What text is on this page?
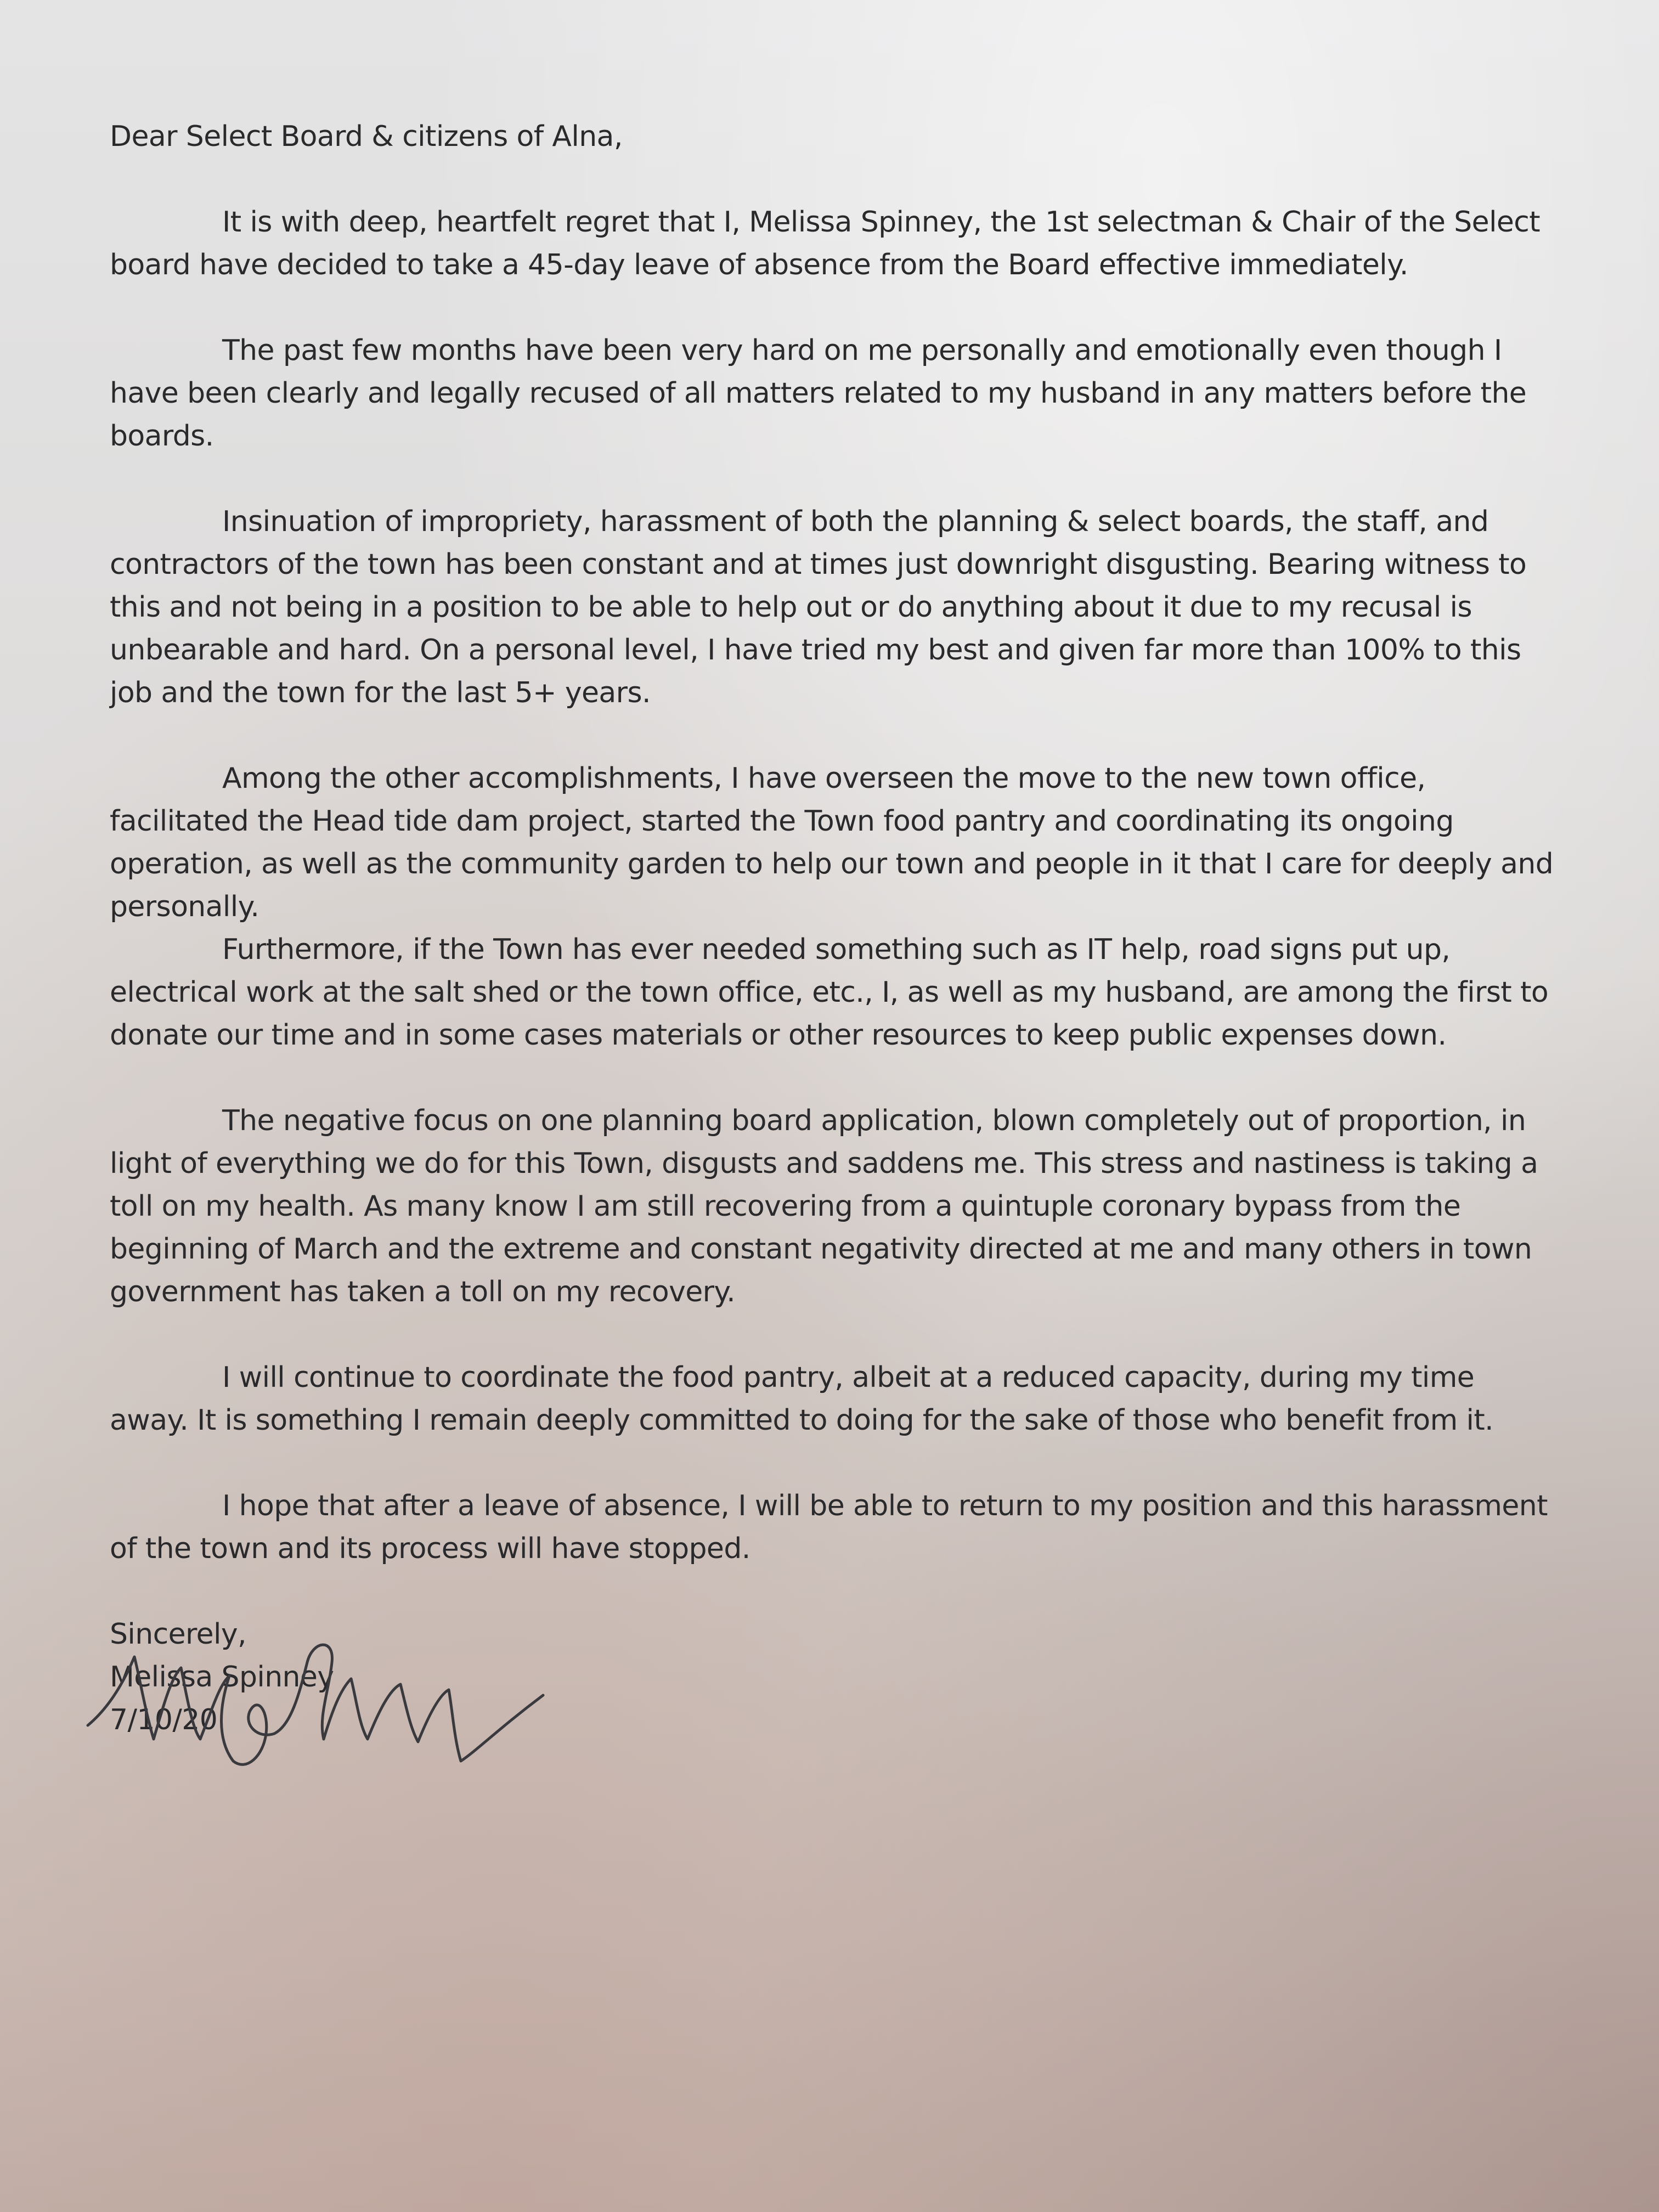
Dear Select Board & citizens of Alna,

It is with deep, heartfelt regret that I, Melissa Spinney, the 1st selectman & Chair of the Select board have decided to take a 45-day leave of absence from the Board effective immediately.

The past few months have been very hard on me personally and emotionally even though I have been clearly and legally recused of all matters related to my husband in any matters before the boards.

Insinuation of impropriety, harassment of both the planning & select boards, the staff, and contractors of the town has been constant and at times just downright disgusting. Bearing witness to this and not being in a position to be able to help out or do anything about it due to my recusal is unbearable and hard. On a personal level, I have tried my best and given far more than 100% to this job and the town for the last 5+ years.

Among the other accomplishments, I have overseen the move to the new town office, facilitated the Head tide dam project, started the Town food pantry and coordinating its ongoing operation, as well as the community garden to help our town and people in it that I care for deeply and personally.

Furthermore, if the Town has ever needed something such as IT help, road signs put up, electrical work at the salt shed or the town office, etc., I, as well as my husband, are among the first to donate our time and in some cases materials or other resources to keep public expenses down.

The negative focus on one planning board application, blown completely out of proportion, in light of everything we do for this Town, disgusts and saddens me. This stress and nastiness is taking a toll on my health. As many know I am still recovering from a quintuple coronary bypass from the beginning of March and the extreme and constant negativity directed at me and many others in town government has taken a toll on my recovery.

I will continue to coordinate the food pantry, albeit at a reduced capacity, during my time away. It is something I remain deeply committed to doing for the sake of those who benefit from it.

I hope that after a leave of absence, I will be able to return to my position and this harassment of the town and its process will have stopped.

Sincerely,
Melissa Spinney
7/10/20
